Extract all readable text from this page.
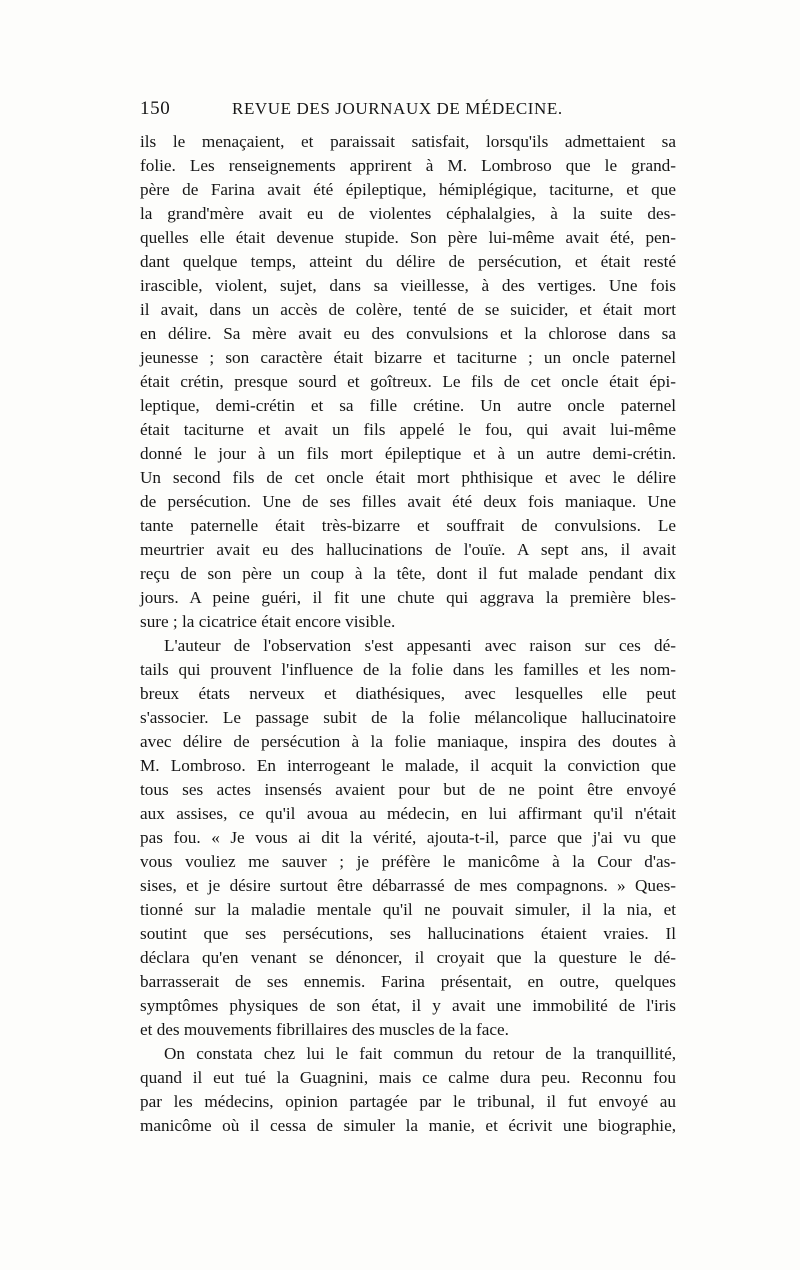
150	REVUE DES JOURNAUX DE MÉDECINE.
ils le menaçaient, et paraissait satisfait, lorsqu'ils admettaient sa
folie. Les renseignements apprirent à M. Lombroso que le grand-
père de Farina avait été épileptique, hémiplégique, taciturne, et que
la grand'mère avait eu de violentes céphalalgies, à la suite des-
quelles elle était devenue stupide. Son père lui-même avait été, pen-
dant quelque temps, atteint du délire de persécution, et était resté
irascible, violent, sujet, dans sa vieillesse, à des vertiges. Une fois
il avait, dans un accès de colère, tenté de se suicider, et était mort
en délire. Sa mère avait eu des convulsions et la chlorose dans sa
jeunesse ; son caractère était bizarre et taciturne ; un oncle paternel
était crétin, presque sourd et goîtreux. Le fils de cet oncle était épi-
leptique, demi-crétin et sa fille crétine. Un autre oncle paternel
était taciturne et avait un fils appelé le fou, qui avait lui-même
donné le jour à un fils mort épileptique et à un autre demi-crétin.
Un second fils de cet oncle était mort phthisique et avec le délire
de persécution. Une de ses filles avait été deux fois maniaque. Une
tante paternelle était très-bizarre et souffrait de convulsions. Le
meurtrier avait eu des hallucinations de l'ouïe. A sept ans, il avait
reçu de son père un coup à la tête, dont il fut malade pendant dix
jours. A peine guéri, il fit une chute qui aggrava la première bles-
sure ; la cicatrice était encore visible.
L'auteur de l'observation s'est appesanti avec raison sur ces dé-
tails qui prouvent l'influence de la folie dans les familles et les nom-
breux états nerveux et diathésiques, avec lesquelles elle peut
s'associer. Le passage subit de la folie mélancolique hallucinatoire
avec délire de persécution à la folie maniaque, inspira des doutes à
M. Lombroso. En interrogeant le malade, il acquit la conviction que
tous ses actes insensés avaient pour but de ne point être envoyé
aux assises, ce qu'il avoua au médecin, en lui affirmant qu'il n'était
pas fou. « Je vous ai dit la vérité, ajouta-t-il, parce que j'ai vu que
vous vouliez me sauver ; je préfère le manicôme à la Cour d'as-
sises, et je désire surtout être débarrassé de mes compagnons. » Ques-
tionné sur la maladie mentale qu'il ne pouvait simuler, il la nia, et
soutint que ses persécutions, ses hallucinations étaient vraies. Il
déclara qu'en venant se dénoncer, il croyait que la questure le dé-
barrasserait de ses ennemis. Farina présentait, en outre, quelques
symptômes physiques de son état, il y avait une immobilité de l'iris
et des mouvements fibrillaires des muscles de la face.
On constata chez lui le fait commun du retour de la tranquillité,
quand il eut tué la Guagnini, mais ce calme dura peu. Reconnu fou
par les médecins, opinion partagée par le tribunal, il fut envoyé au
manicôme où il cessa de simuler la manie, et écrivit une biographie,
